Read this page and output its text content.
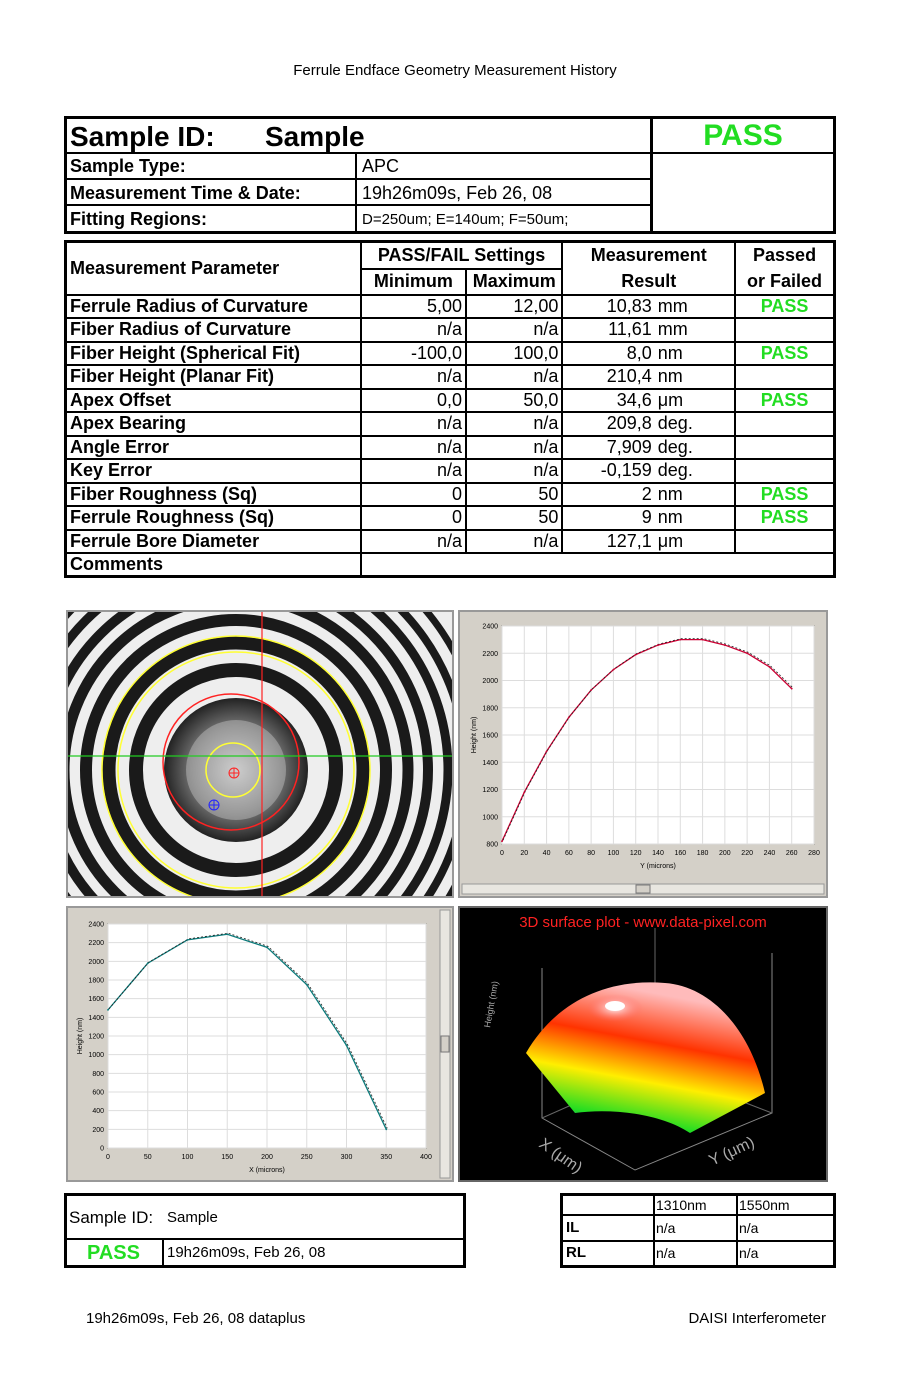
Ferrule Endface Geometry Measurement History
Sample ID: Sample	PASS
Sample Type:	APC
Measurement Time & Date:	19h26m09s, Feb 26, 08
Fitting Regions:	D=250um; E=140um; F=50um;
Measurement Parameter	PASS/FAIL Settings		Measurement		Passed
	Minimum	Maximum	Result		or Failed
Ferrule Radius of Curvature	5,00	12,00	10,83	mm	PASS
Fiber Radius of Curvature	n/a	n/a	11,61	mm	
Fiber Height (Spherical Fit)	-100,0	100,0	8,0	nm	PASS
Fiber Height (Planar Fit)	n/a	n/a	210,4	nm	
Apex Offset	0,0	50,0	34,6	μm	PASS
Apex Bearing	n/a	n/a	209,8	deg.	
Angle Error	n/a	n/a	7,909	deg.	
Key Error	n/a	n/a	-0,159	deg.	
Fiber Roughness (Sq)	0	50	2	nm	PASS
Ferrule Roughness (Sq)	0	50	9	nm	PASS
Ferrule Bore Diameter	n/a	n/a	127,1	μm	
Comments					
0 20 40 60 80 100 120 140 160 180 200 220 240 260 280
800
1000
1200
1400
1600
1800
2000
2200
2400
Y (microns)
Height (nm)
0	50	100	150	200	250	300	350	400
0
200
400
600
800
1000
1200
1400
1600
1800
2000
2200
2400
X (microns)
Height (nm)
3D surface plot - www.data-pixel.com
X (μm)	Y (μm)
Height (nm)
Sample ID: Sample
PASS 19h26m09s, Feb 26, 08
1310nm 1550nm
IL	n/a	n/a
RL	n/a	n/a
19h26m09s, Feb 26, 08 dataplus	DAISI Interferometer
